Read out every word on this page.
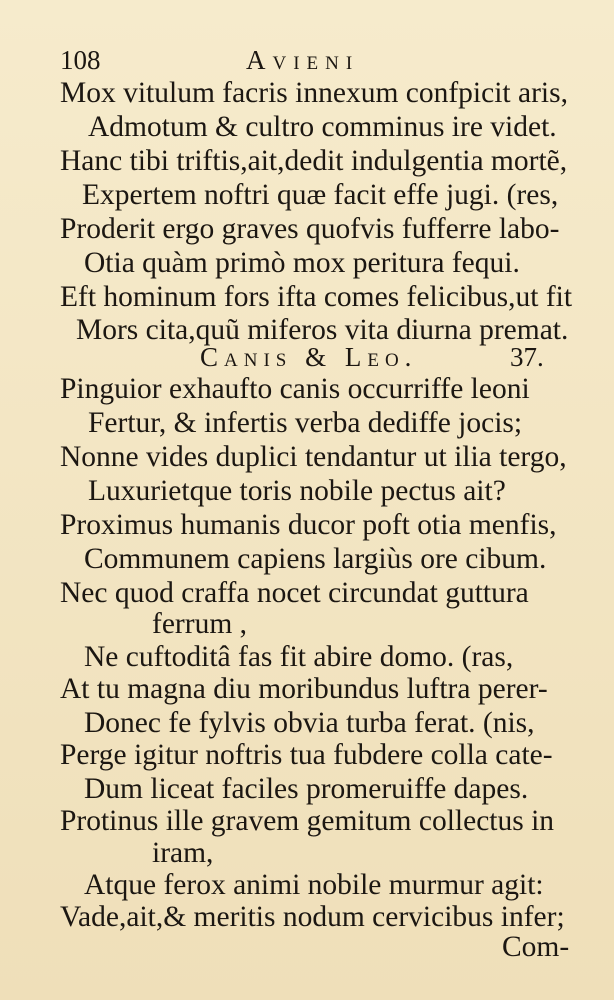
108	Avieni
Mox vitulum facris innexum confpicit aris,
Admotum & cultro comminus ire videt.
Hanc tibi triftis,ait,dedit indulgentia mortẽ,
Expertem noftri quæ facit effe jugi. (res,
Proderit ergo graves quofvis fufferre labo-
Otia quàm primò mox peritura fequi.
Eft hominum fors ifta comes felicibus,ut fit
Mors cita,quũ miferos vita diurna premat.
Canis & Leo.	37.
Pinguior exhaufto canis occurriffe leoni
Fertur, & infertis verba dediffe jocis;
Nonne vides duplici tendantur ut ilia tergo,
Luxurietque toris nobile pectus ait?
Proximus humanis ducor poft otia menfis,
Communem capiens largiùs ore cibum.
Nec quod craffa nocet circundat guttura
ferrum ,
Ne cuftoditâ fas fit abire domo. (ras,
At tu magna diu moribundus luftra perer-
Donec fe fylvis obvia turba ferat. (nis,
Perge igitur noftris tua fubdere colla cate-
Dum liceat faciles promeruiffe dapes.
Protinus ille gravem gemitum collectus in
iram,
Atque ferox animi nobile murmur agit:
Vade,ait,& meritis nodum cervicibus infer;
Com-
